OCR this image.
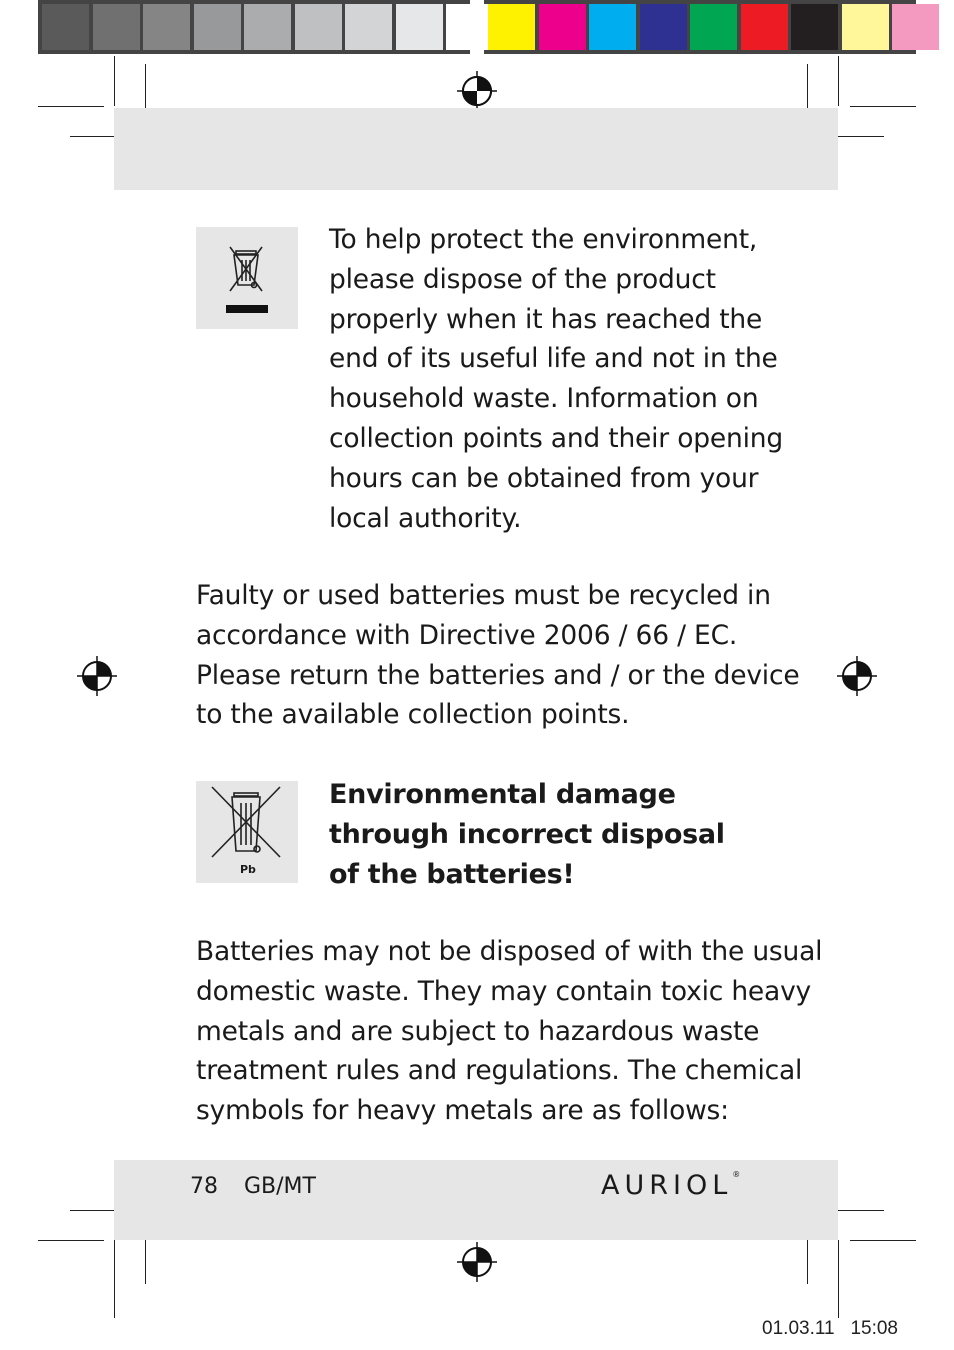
To help protect the environment,
please dispose of the product
properly when it has reached the
end of its useful life and not in the
household waste. Information on
collection points and their opening
hours can be obtained from your
local authority.
Faulty or used batteries must be recycled in
accordance with Directive 2006 / 66 / EC.
Please return the batteries and / or the device
to the available collection points.
Pb
Environmental damage
through incorrect disposal
of the batteries!
Batteries may not be disposed of with the usual
domestic waste. They may contain toxic heavy
metals and are subject to hazardous waste
treatment rules and regulations. The chemical
symbols for heavy metals are as follows:
78 GB/MT	AURIOL®
01.03.11 15:08
